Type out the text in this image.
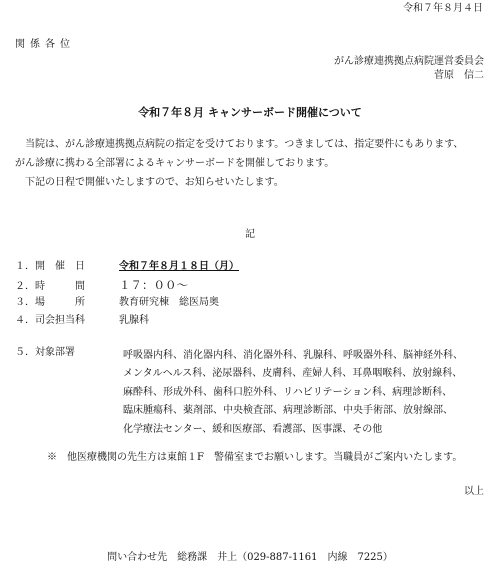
令和７年８月４日
関係各位
がん診療連携拠点病院運営委員会
菅原　信二
令和７年８月 キャンサーボード開催について

当院は、がん診療連携拠点病院の指定を受けております。つきましては、指定要件にもあります、

がん診療に携わる全部署によるキャンサーボードを開催しております。

下記の日程で開催いたしますので、お知らせいたします。

記
１．開　催　日	令和７年８月１８日（月）
２．時　　　間	１７：００～
３．場　　　所	教育研究棟　総医局奥
４．司会担当科	乳腺科
５．対象部署	呼吸器内科、消化器内科、消化器外科、乳腺科、呼吸器外科、脳神経外科、
メンタルヘルス科、泌尿器科、皮膚科、産婦人科、耳鼻咽喉科、放射線科、
麻酔科、形成外科、歯科口腔外科、リハビリテーション科、病理診断科、
臨床腫瘍科、薬剤部、中央検査部、病理診断部、中央手術部、放射線部、
化学療法センター、緩和医療部、看護部、医事課、その他
※　他医療機関の先生方は東館１F　警備室までお願いします。当職員がご案内いたします。
以上
問い合わせ先　総務課　井上（029-887-1161　内線　7225）
